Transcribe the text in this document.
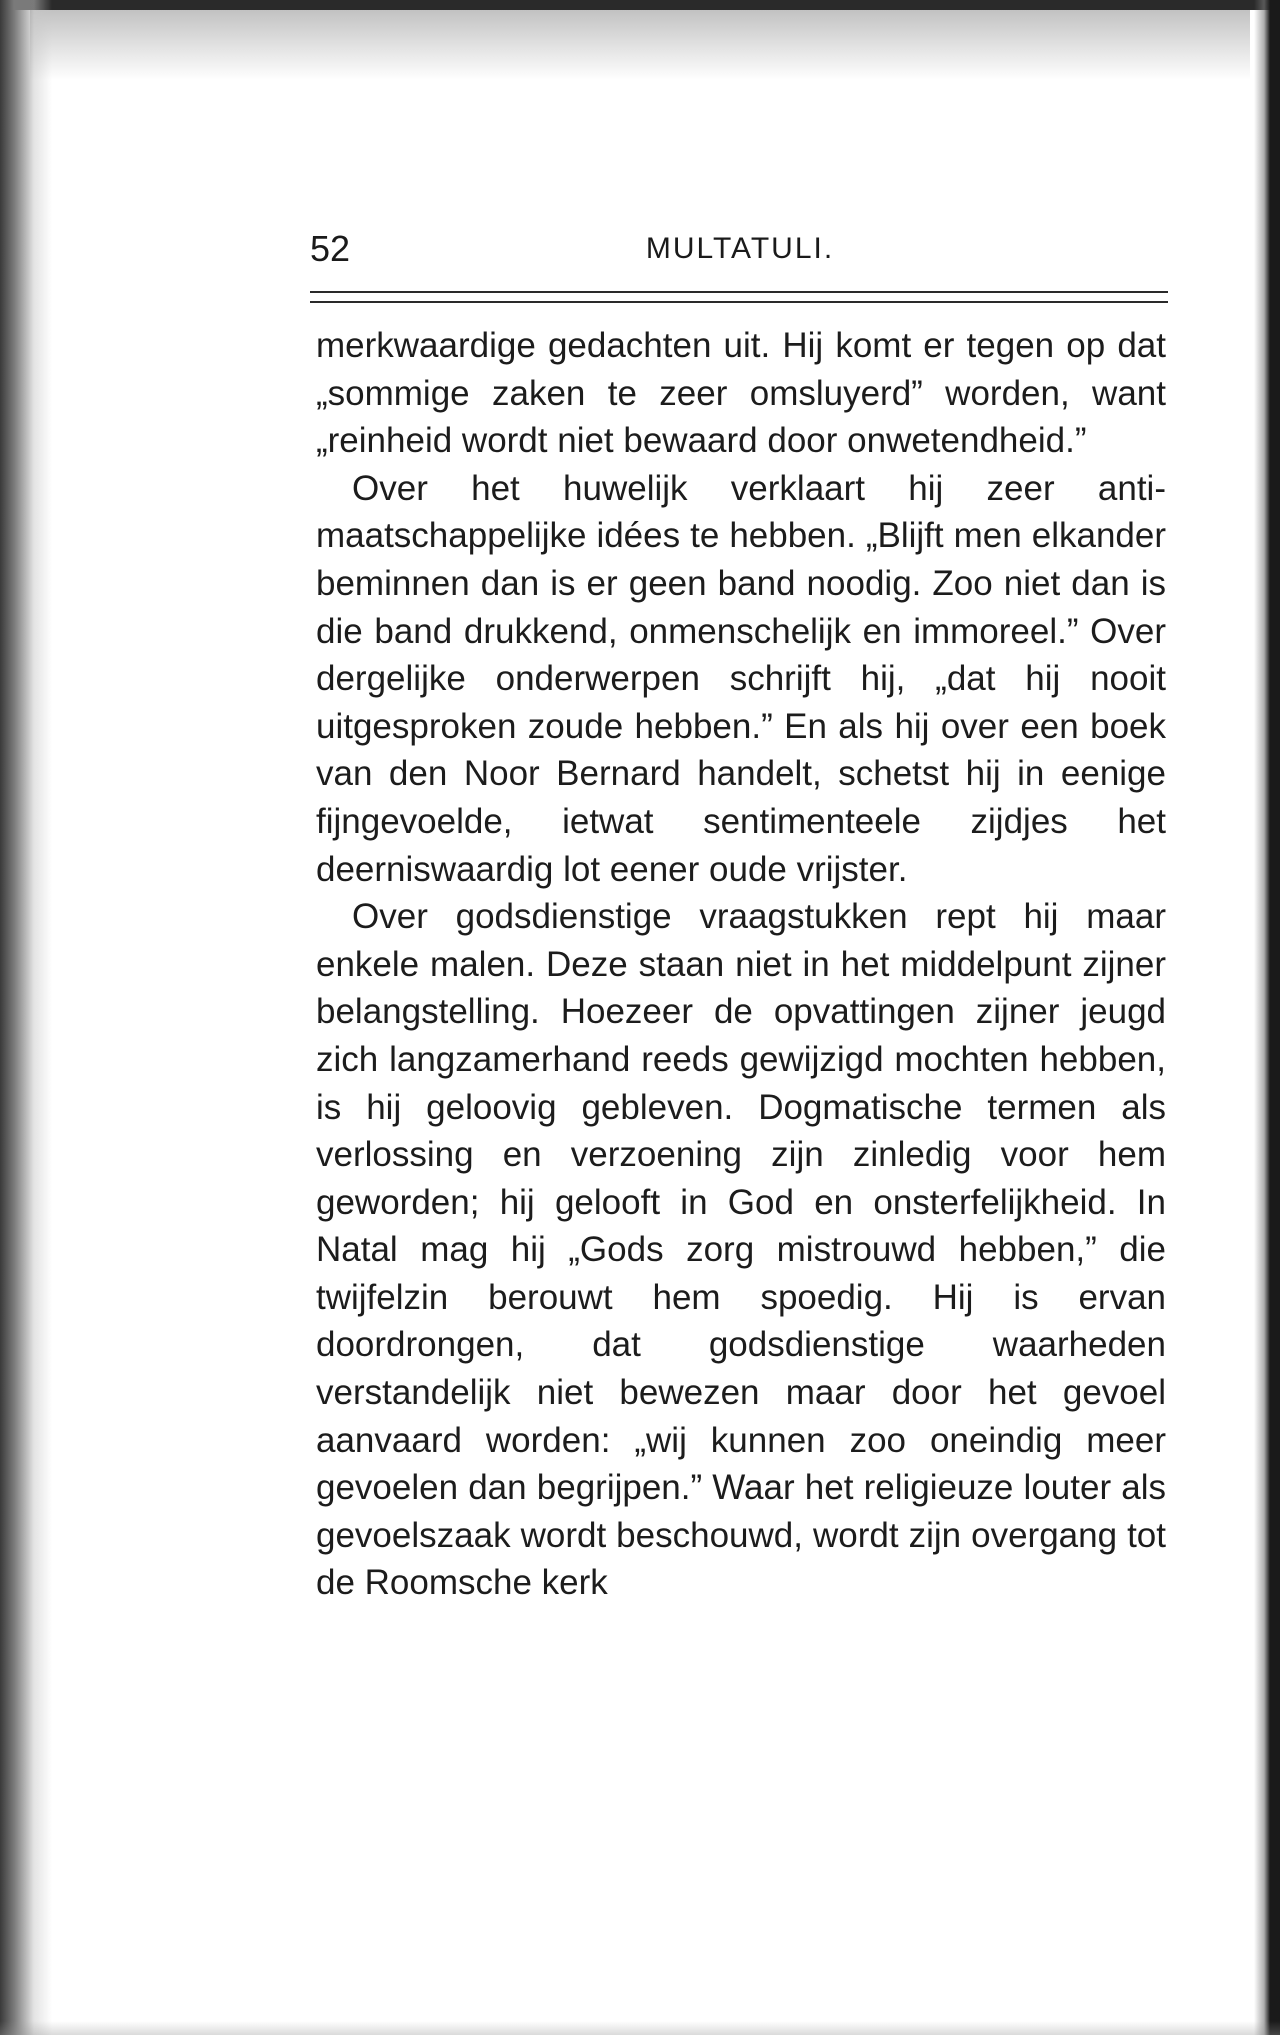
52	MULTATULI.

merkwaardige gedachten uit. Hij komt er tegen op dat „sommige zaken te zeer omsluyerd” worden, want „reinheid wordt niet bewaard door onwetendheid.”

Over het huwelijk verklaart hij zeer anti-maatschappelijke idées te hebben. „Blijft men elkander beminnen dan is er geen band noodig. Zoo niet dan is die band drukkend, onmenschelijk en immoreel.” Over dergelijke onderwerpen schrijft hij, „dat hij nooit uitgesproken zoude hebben.” En als hij over een boek van den Noor Bernard handelt, schetst hij in eenige fijngevoelde, ietwat sentimenteele zijdjes het deerniswaardig lot eener oude vrijster.

Over godsdienstige vraagstukken rept hij maar enkele malen. Deze staan niet in het middelpunt zijner belangstelling. Hoezeer de opvattingen zijner jeugd zich langzamerhand reeds gewijzigd mochten hebben, is hij geloovig gebleven. Dogmatische termen als verlossing en verzoening zijn zinledig voor hem geworden; hij gelooft in God en onsterfelijkheid. In Natal mag hij „Gods zorg mistrouwd hebben,” die twijfelzin berouwt hem spoedig. Hij is ervan doordrongen, dat godsdienstige waarheden verstandelijk niet bewezen maar door het gevoel aanvaard worden: „wij kunnen zoo oneindig meer gevoelen dan begrijpen.” Waar het religieuze louter als gevoelszaak wordt beschouwd, wordt zijn overgang tot de Roomsche kerk
